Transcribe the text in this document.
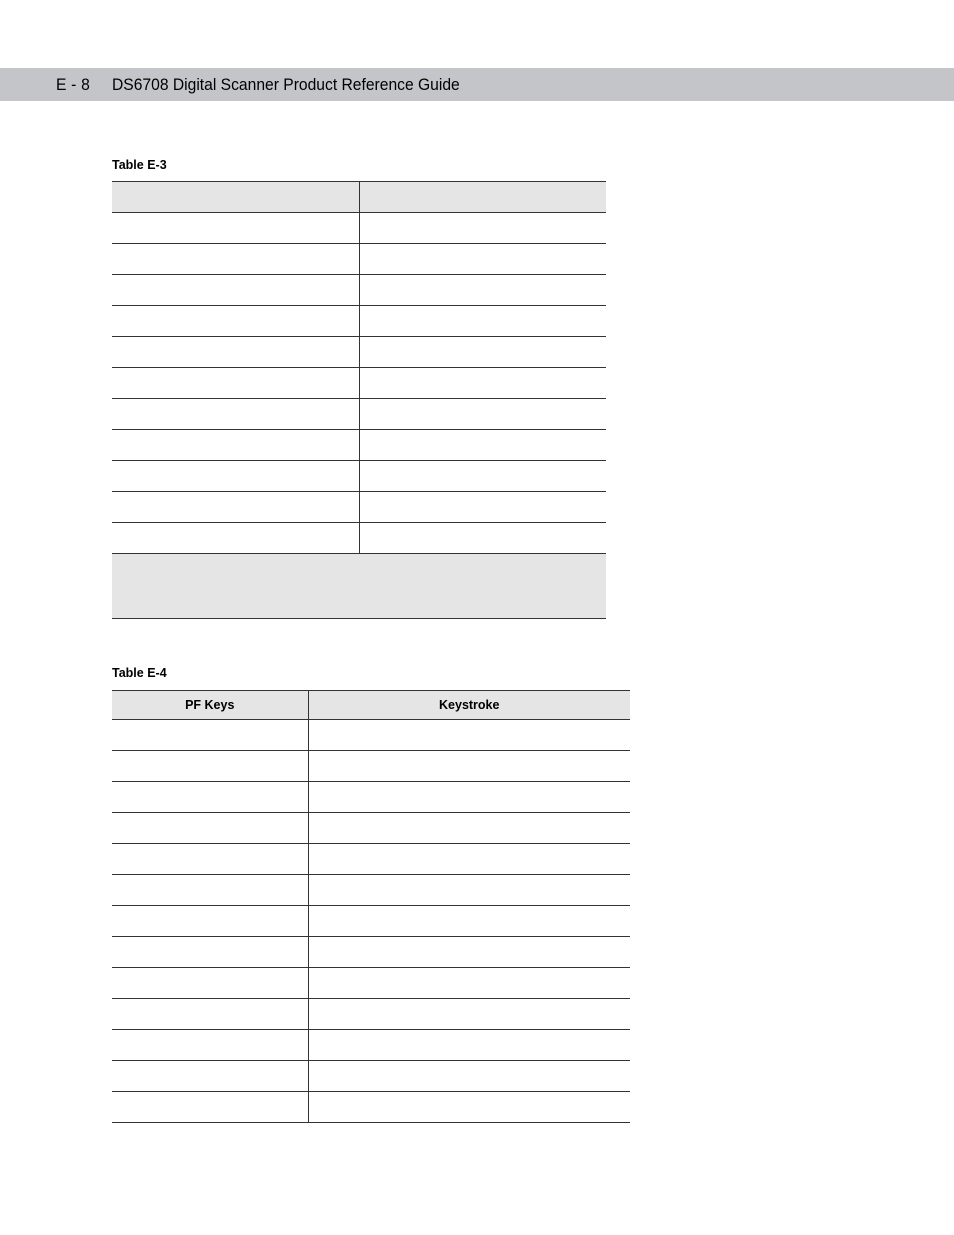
E - 8 DS6708 Digital Scanner Product Reference Guide
Table E-3

Table E-4
PF Keys	Keystroke
